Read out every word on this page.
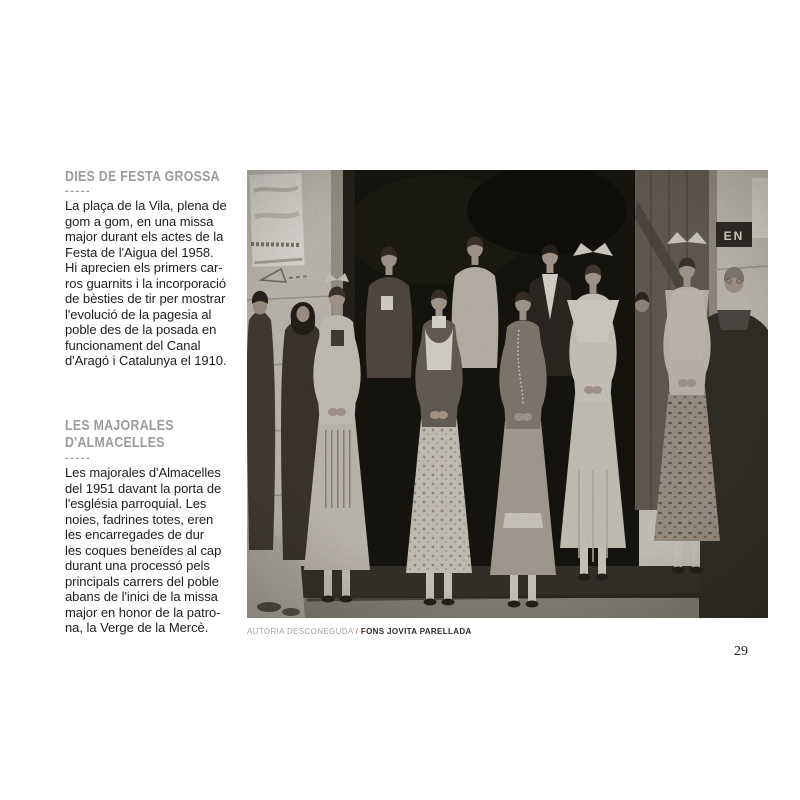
DIES DE FESTA GROSSA
-----
La plaça de la Vila, plena de
gom a gom, en una missa
major durant els actes de la
Festa de l'Aigua del 1958.
Hi aprecien els primers car-
ros guarnits i la incorporació
de bèsties de tir per mostrar
l'evolució de la pagesia al
poble des de la posada en
funcionament del Canal
d'Aragó i Catalunya el 1910.
LES MAJORALES
D'ALMACELLES
-----
Les majorales d'Almacelles
del 1951 davant la porta de
l'església parroquial. Les
noies, fadrines totes, eren
les encarregades de dur
les coques beneïdes al cap
durant una processó pels
principals carrers del poble
abans de l'inici de la missa
major en honor de la patro-
na, la Verge de la Mercè.	AUTORIA DESCONEGUDA / FONS JOVITA PARELLADA
29
